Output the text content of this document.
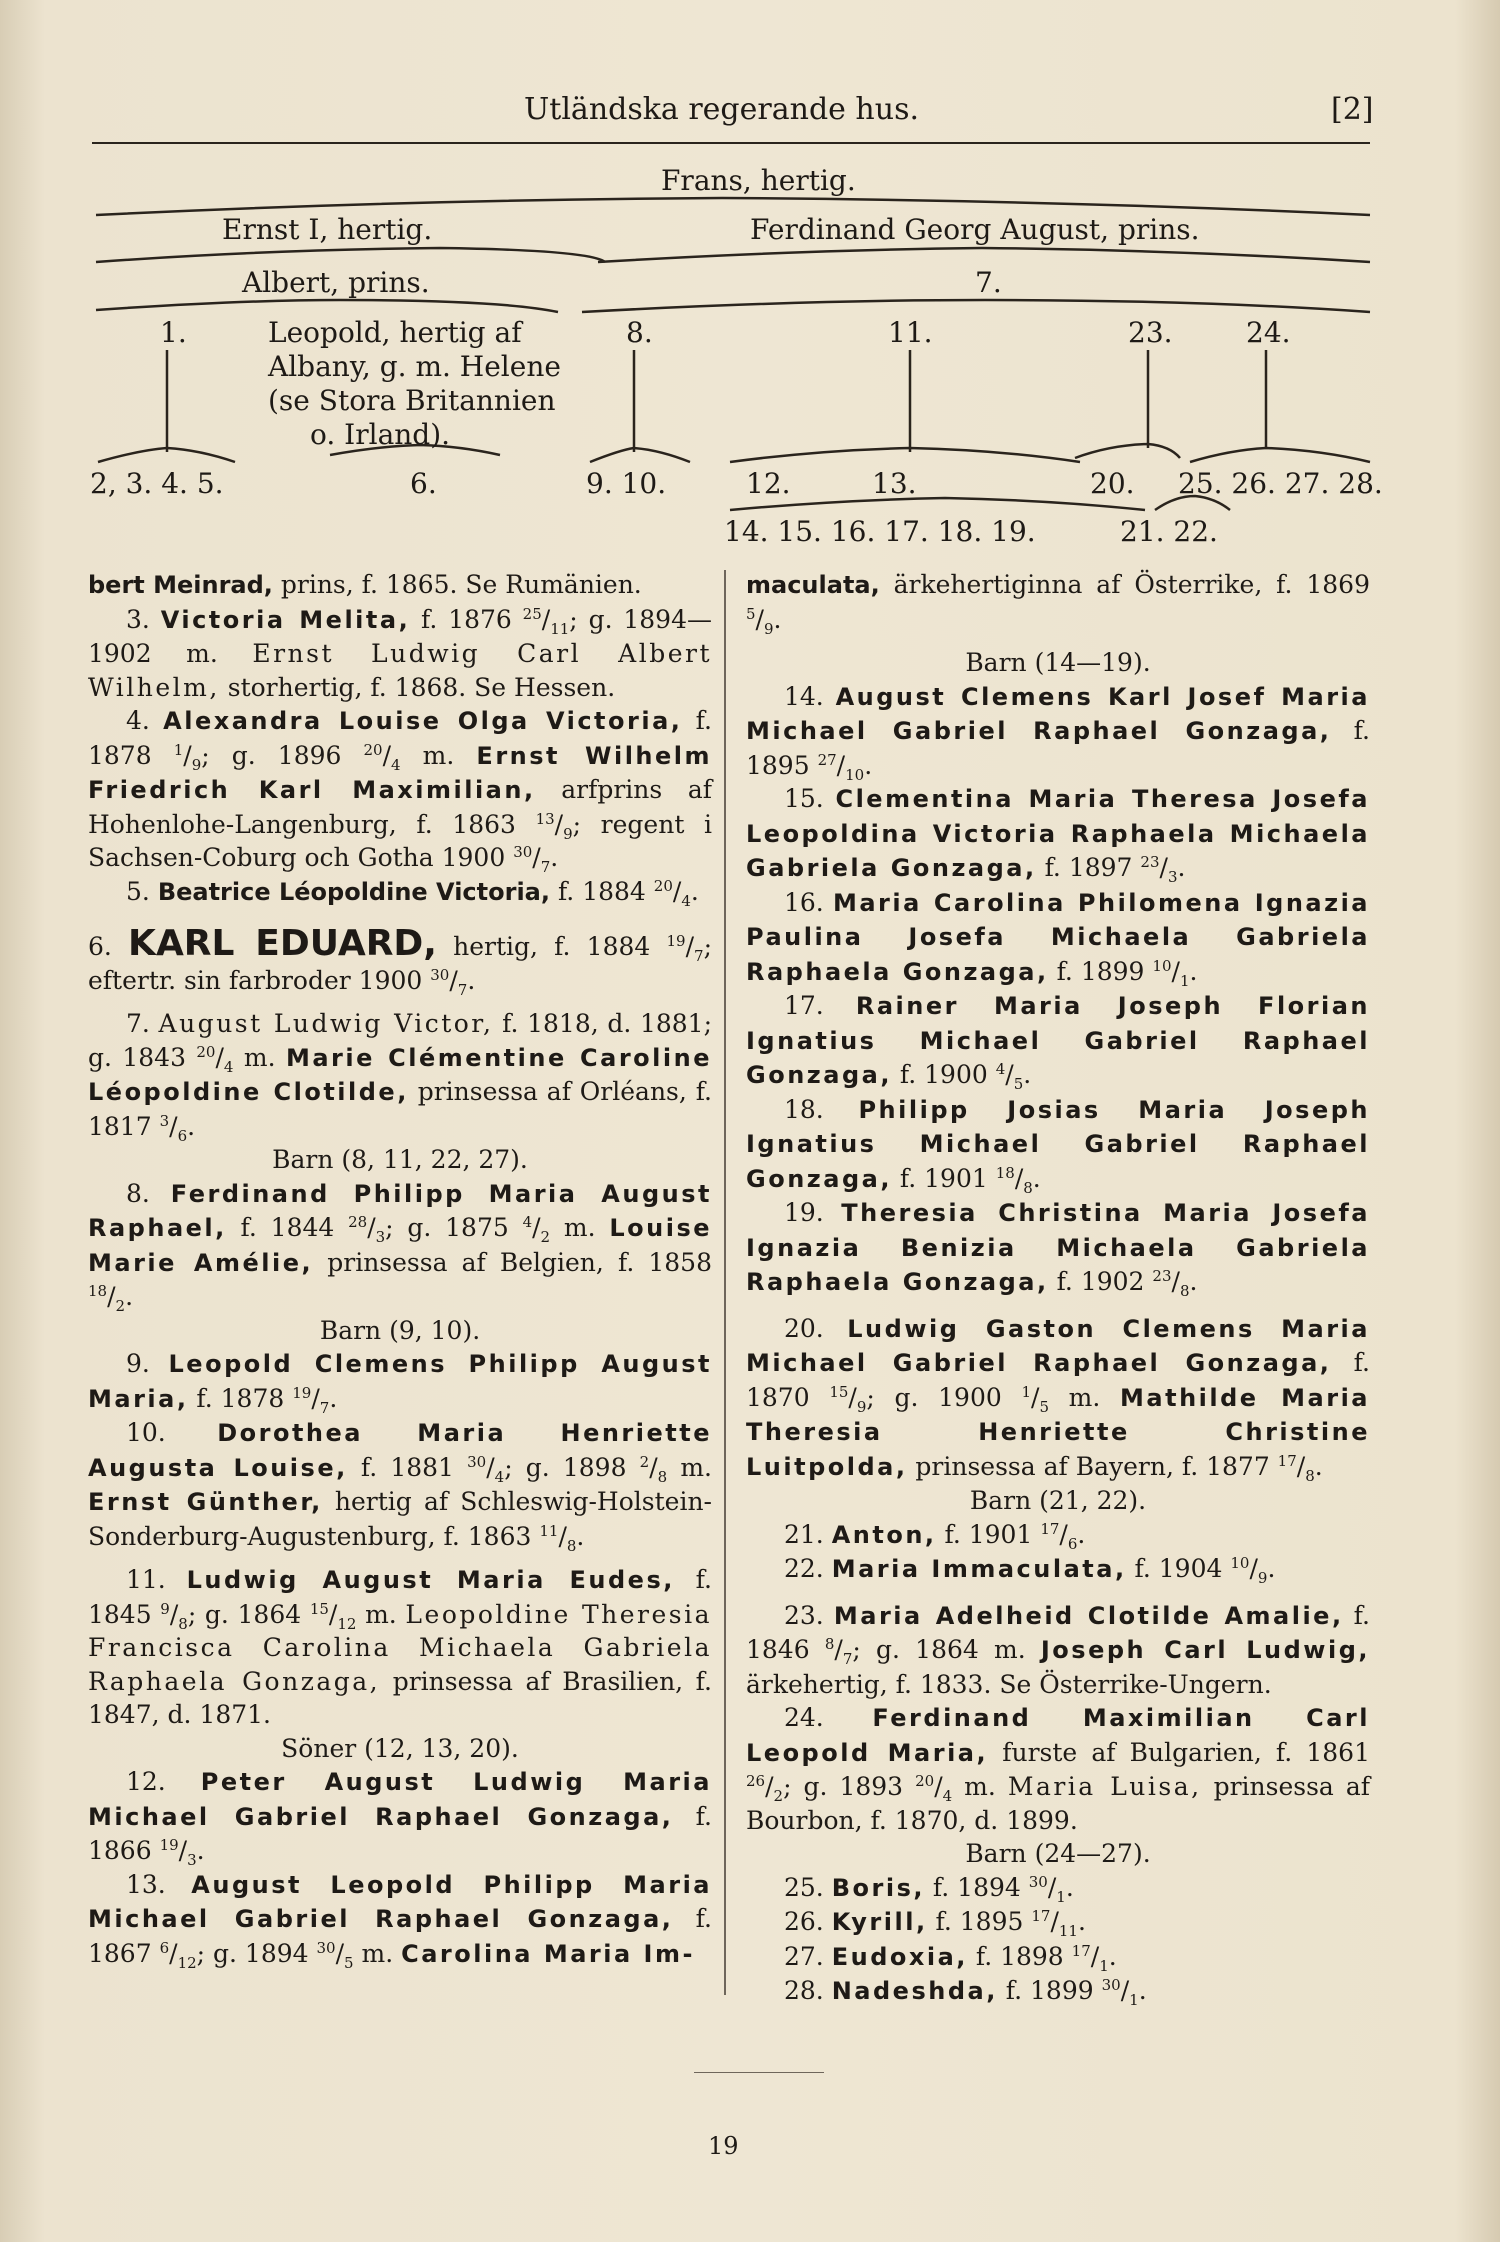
Utländska regerande hus.	[2]
Frans, hertig.
Ernst I, hertig.	Ferdinand Georg August, prins.
Albert, prins.	7.
1.	Leopold, hertig af
Albany, g. m. Helene
(se Stora Britannien
o. Irland).
8.	11.	23.	24.
2, 3. 4. 5.	6.	9. 10.	12.	13.	20. 25. 26. 27. 28.
14. 15. 16. 17. 18. 19.	21. 22.

bert Meinrad, prins, f. 1865. Se Rumänien.

3. Victoria Melita, f. 1876 $^{25}/_{11}$; g. 1894—1902 m. Ernst Ludwig Carl Albert Wilhelm, storhertig, f. 1868. Se Hessen.

4. Alexandra Louise Olga Victoria, f. 1878 $^1/_9$; g. 1896 $^{20}/_4$ m. Ernst Wilhelm Friedrich Karl Maximilian, arfprins af Hohenlohe-Langenburg, f. 1863 $^{13}/_9$; regent i Sachsen-Coburg och Gotha 1900 $^{30}/_7$.

5. Beatrice Léopoldine Victoria, f. 1884 $^{20}/_4$.

6. KARL EDUARD, hertig, f. 1884 $^{19}/_7$; eftertr. sin farbroder 1900 $^{30}/_7$.

7. August Ludwig Victor, f. 1818, d. 1881; g. 1843 $^{20}/_4$ m. Marie Clémentine Caroline Léopoldine Clotilde, prinsessa af Orléans, f. 1817 $^3/_6$.

Barn (8, 11, 22, 27).

8. Ferdinand Philipp Maria August Raphael, f. 1844 $^{28}/_3$; g. 1875 $^4/_2$ m. Louise Marie Amélie, prinsessa af Belgien, f. 1858 $^{18}/_2$.

Barn (9, 10).

9. Leopold Clemens Philipp August Maria, f. 1878 $^{19}/_7$.

10. Dorothea Maria Henriette Augusta Louise, f. 1881 $^{30}/_4$; g. 1898 $^2/_8$ m. Ernst Günther, hertig af Schleswig-Holstein-Sonderburg-Augustenburg, f. 1863 $^{11}/_8$.

11. Ludwig August Maria Eudes, f. 1845 $^9/_8$; g. 1864 $^{15}/_{12}$ m. Leopoldine Theresia Francisca Carolina Michaela Gabriela Raphaela Gonzaga, prinsessa af Brasilien, f. 1847, d. 1871.

Söner (12, 13, 20).

12. Peter August Ludwig Maria Michael Gabriel Raphael Gonzaga, f. 1866 $^{19}/_3$.

13. August Leopold Philipp Maria Michael Gabriel Raphael Gonzaga, f. 1867 $^6/_{12}$; g. 1894 $^{30}/_5$ m. Carolina Maria Im-

maculata, ärkehertiginna af Österrike, f. 1869 $^5/_9$.

Barn (14—19).

14. August Clemens Karl Josef Maria Michael Gabriel Raphael Gonzaga, f. 1895 $^{27}/_{10}$.

15. Clementina Maria Theresa Josefa Leopoldina Victoria Raphaela Michaela Gabriela Gonzaga, f. 1897 $^{23}/_3$.

16. Maria Carolina Philomena Ignazia Paulina Josefa Michaela Gabriela Raphaela Gonzaga, f. 1899 $^{10}/_1$.

17. Rainer Maria Joseph Florian Ignatius Michael Gabriel Raphael Gonzaga, f. 1900 $^4/_5$.

18. Philipp Josias Maria Joseph Ignatius Michael Gabriel Raphael Gonzaga, f. 1901 $^{18}/_8$.

19. Theresia Christina Maria Josefa Ignazia Benizia Michaela Gabriela Raphaela Gonzaga, f. 1902 $^{23}/_8$.

20. Ludwig Gaston Clemens Maria Michael Gabriel Raphael Gonzaga, f. 1870 $^{15}/_9$; g. 1900 $^1/_5$ m. Mathilde Maria Theresia Henriette Christine Luitpolda, prinsessa af Bayern, f. 1877 $^{17}/_8$.

Barn (21, 22).

21. Anton, f. 1901 $^{17}/_6$.

22. Maria Immaculata, f. 1904 $^{10}/_9$.

23. Maria Adelheid Clotilde Amalie, f. 1846 $^8/_7$; g. 1864 m. Joseph Carl Ludwig, ärkehertig, f. 1833. Se Österrike-Ungern.

24. Ferdinand Maximilian Carl Leopold Maria, furste af Bulgarien, f. 1861 $^{26}/_2$; g. 1893 $^{20}/_4$ m. Maria Luisa, prinsessa af Bourbon, f. 1870, d. 1899.

Barn (24—27).

25. Boris, f. 1894 $^{30}/_1$.

26. Kyrill, f. 1895 $^{17}/_{11}$.

27. Eudoxia, f. 1898 $^{17}/_1$.

28. Nadeshda, f. 1899 $^{30}/_1$.

19
